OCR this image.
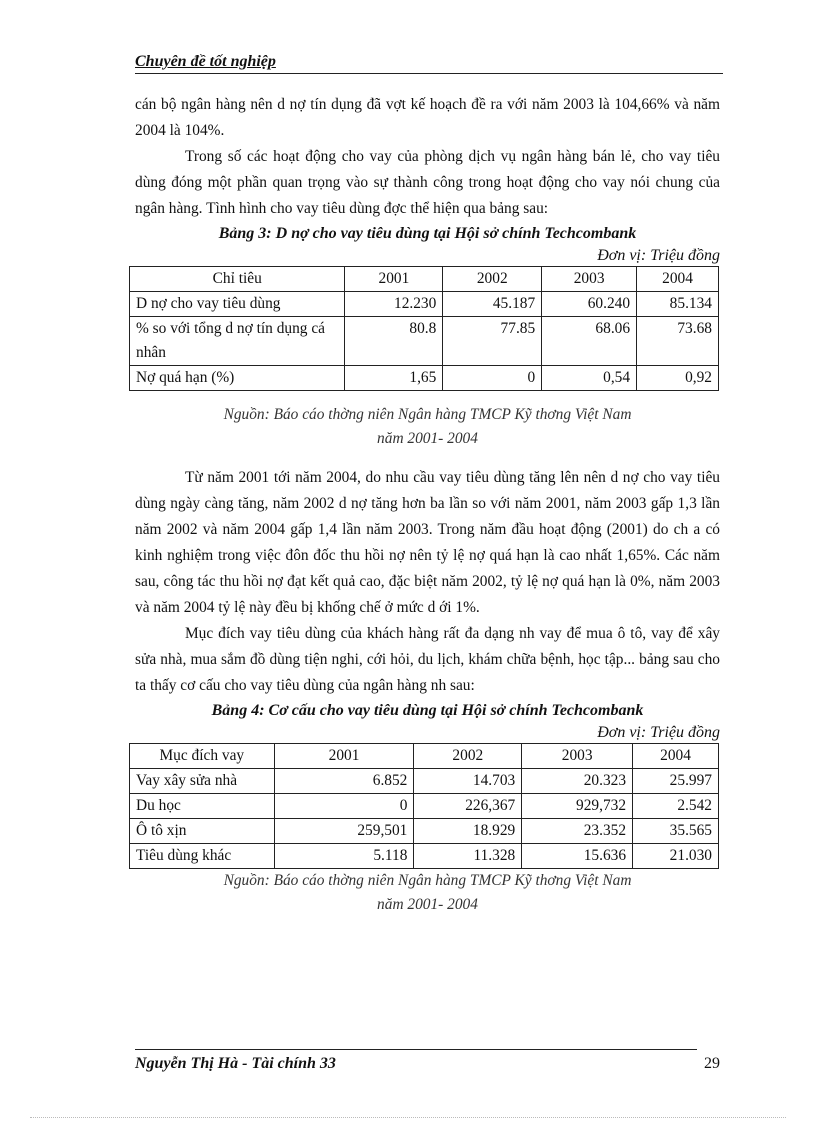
Chuyên đề tốt nghiệp

cán bộ ngân hàng nên d nợ tín dụng đã vợt kế hoạch đề ra với năm 2003 là 104,66% và năm 2004 là 104%.

Trong số các hoạt động cho vay của phòng dịch vụ ngân hàng bán lẻ, cho vay tiêu dùng đóng một phần quan trọng vào sự thành công trong hoạt động cho vay nói chung của ngân hàng. Tình hình cho vay tiêu dùng đợc thể hiện qua bảng sau:

Bảng 3: D nợ cho vay tiêu dùng tại Hội sở chính Techcombank

Đơn vị: Triệu đồng

Chỉ tiêu	2001	2002	2003	2004
D nợ cho vay tiêu dùng	12.230	45.187	60.240	85.134
% so với tổng d nợ tín dụng cá nhân	80.8	77.85	68.06	73.68
Nợ quá hạn (%)	1,65	0	0,54	0,92

Nguồn: Báo cáo thờng niên Ngân hàng TMCP Kỹ thơng Việt Nam

năm 2001- 2004

Từ năm 2001 tới năm 2004, do nhu cầu vay tiêu dùng tăng lên nên d nợ cho vay tiêu dùng ngày càng tăng, năm 2002 d nợ tăng hơn ba lần so với năm 2001, năm 2003 gấp 1,3 lần năm 2002 và năm 2004 gấp 1,4 lần năm 2003. Trong năm đầu hoạt động (2001) do ch a có kinh nghiệm trong việc đôn đốc thu hồi nợ nên tỷ lệ nợ quá hạn là cao nhất 1,65%. Các năm sau, công tác thu hồi nợ đạt kết quả cao, đặc biệt năm 2002, tỷ lệ nợ quá hạn là 0%, năm 2003 và năm 2004 tỷ lệ này đều bị khống chế ở mức d ới 1%.

Mục đích vay tiêu dùng của khách hàng rất đa dạng nh vay để mua ô tô, vay để xây sửa nhà, mua sắm đồ dùng tiện nghi, cới hỏi, du lịch, khám chữa bệnh, học tập... bảng sau cho ta thấy cơ cấu cho vay tiêu dùng của ngân hàng nh sau:

Bảng 4: Cơ cấu cho vay tiêu dùng tại Hội sở chính Techcombank

Đơn vị: Triệu đồng

Mục đích vay	2001	2002	2003	2004
Vay xây sửa nhà	6.852	14.703	20.323	25.997
Du học	0	226,367	929,732	2.542
Ô tô xịn	259,501	18.929	23.352	35.565
Tiêu dùng khác	5.118	11.328	15.636	21.030

Nguồn: Báo cáo thờng niên Ngân hàng TMCP Kỹ thơng Việt Nam

năm 2001- 2004

Nguyễn Thị Hà - Tài chính 33	29
